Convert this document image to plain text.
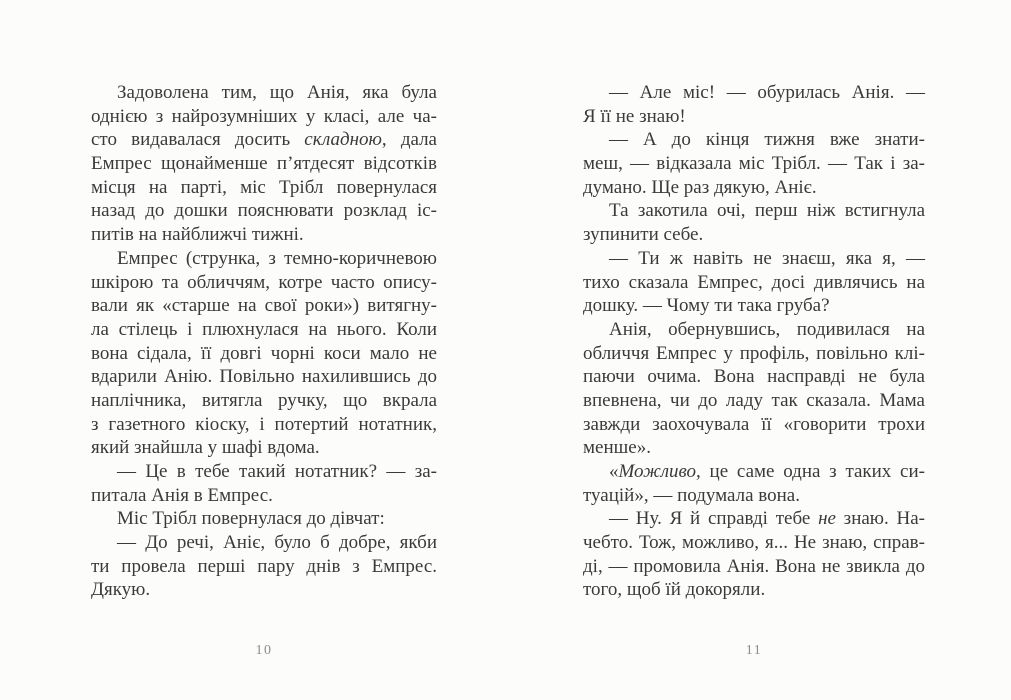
Задоволена тим, що Анія, яка була
однією з найрозумніших у класі, але ча-
сто видавалася досить складною, дала
Емпрес щонайменше п’ятдесят відсотків
місця на парті, міс Трібл повернулася
назад до дошки пояснювати розклад іс-
питів на найближчі тижні.
Емпрес (струнка, з темно-коричневою
шкірою та обличчям, котре часто опису-
вали як «старше на свої роки») витягну-
ла стілець і плюхнулася на нього. Коли
вона сідала, її довгі чорні коси мало не
вдарили Анію. Повільно нахилившись до
наплічника, витягла ручку, що вкрала
з газетного кіоску, і потертий нотатник,
який знайшла у шафі вдома.
— Це в тебе такий нотатник? — за-
питала Анія в Емпрес.
Міс Трібл повернулася до дівчат:
— До речі, Аніє, було б добре, якби
ти провела перші пару днів з Емпрес.
Дякую.
— Але міс! — обурилась Анія. —
Я її не знаю!
— А до кінця тижня вже знати-
меш, — відказала міс Трібл. — Так і за-
думано. Ще раз дякую, Аніє.
Та закотила очі, перш ніж встигнула
зупинити себе.
— Ти ж навіть не знаєш, яка я, —
тихо сказала Емпрес, досі дивлячись на
дошку. — Чому ти така груба?
Анія, обернувшись, подивилася на
обличчя Емпрес у профіль, повільно клі-
паючи очима. Вона насправді не була
впевнена, чи до ладу так сказала. Мама
завжди заохочувала її «говорити трохи
менше».
«Можливо, це саме одна з таких си-
туацій», — подумала вона.
— Ну. Я й справді тебе не знаю. На-
чебто. Тож, можливо, я... Не знаю, справ-
ді, — промовила Анія. Вона не звикла до
того, щоб їй докоряли.
10	11
